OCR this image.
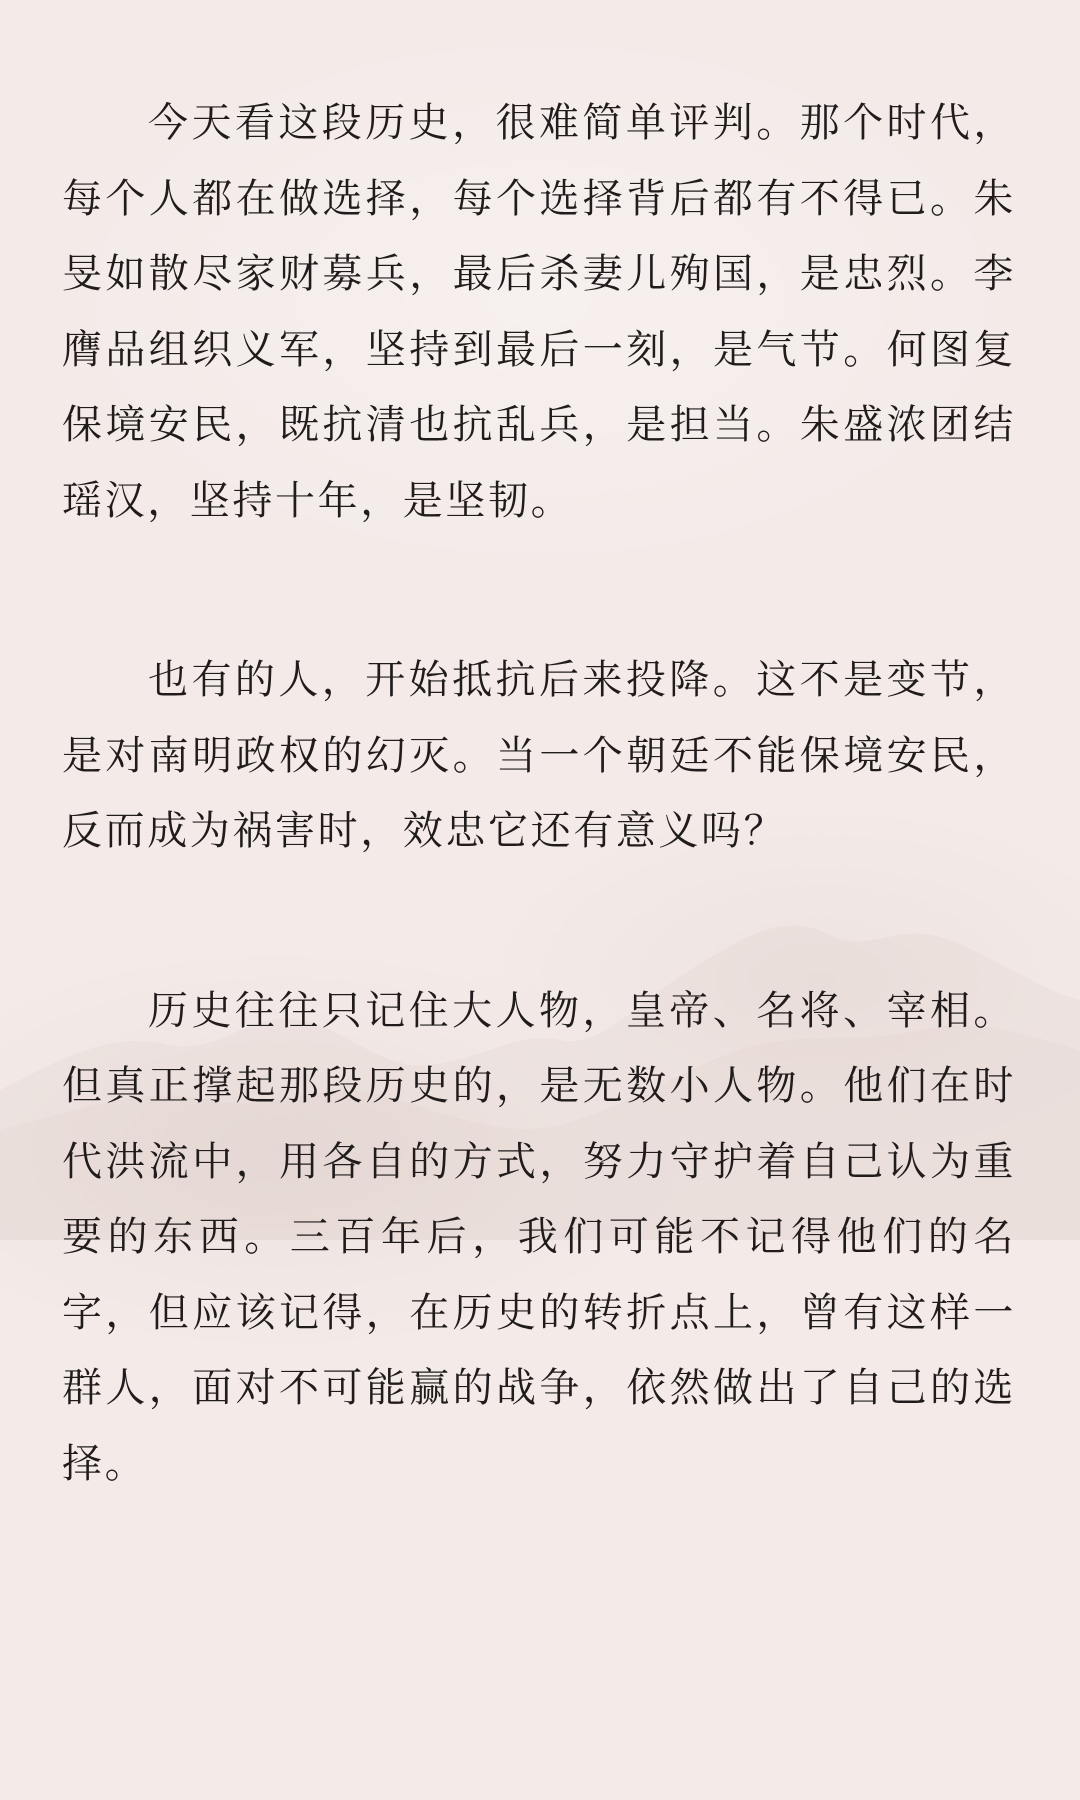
今天看这段历史，很难简单评判。那个时代，每个人都在做选择，每个选择背后都有不得已。朱旻如散尽家财募兵，最后杀妻儿殉国，是忠烈。李膺品组织义军，坚持到最后一刻，是气节。何图复保境安民，既抗清也抗乱兵，是担当。朱盛浓团结瑶汉，坚持十年，是坚韧。

也有的人，开始抵抗后来投降。这不是变节，是对南明政权的幻灭。当一个朝廷不能保境安民，反而成为祸害时，效忠它还有意义吗？

历史往往只记住大人物，皇帝、名将、宰相。但真正撑起那段历史的，是无数小人物。他们在时代洪流中，用各自的方式，努力守护着自己认为重要的东西。三百年后，我们可能不记得他们的名字，但应该记得，在历史的转折点上，曾有这样一群人，面对不可能赢的战争，依然做出了自己的选择。
